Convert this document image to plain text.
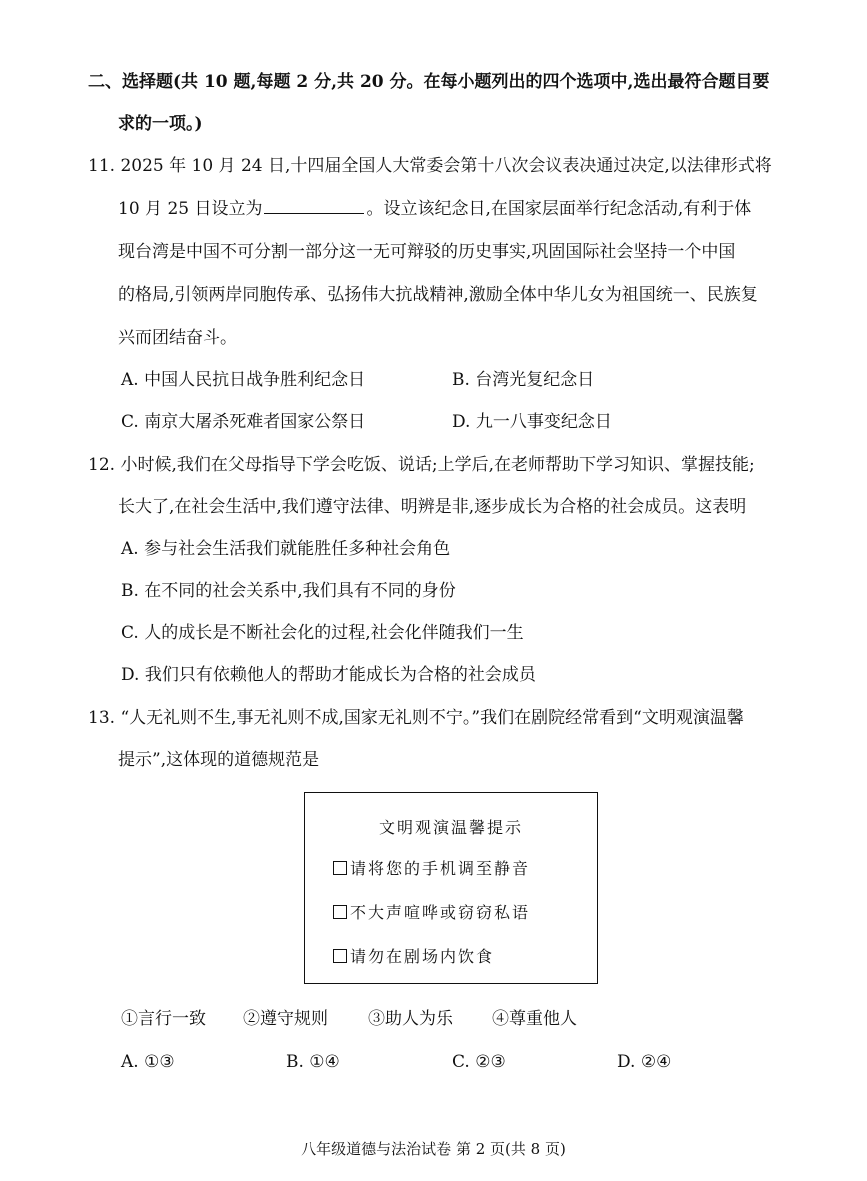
二、选择题(共 10 题,每题 2 分,共 20 分。在每小题列出的四个选项中,选出最符合题目要
求的一项。)
11. 2025 年 10 月 24 日,十四届全国人大常委会第十八次会议表决通过决定,以法律形式将
10 月 25 日设立为	。设立该纪念日,在国家层面举行纪念活动,有利于体
现台湾是中国不可分割一部分这一无可辩驳的历史事实,巩固国际社会坚持一个中国
的格局,引领两岸同胞传承、弘扬伟大抗战精神,激励全体中华儿女为祖国统一、民族复
兴而团结奋斗。
A. 中国人民抗日战争胜利纪念日	B. 台湾光复纪念日
C. 南京大屠杀死难者国家公祭日	D. 九一八事变纪念日
12. 小时候,我们在父母指导下学会吃饭、说话;上学后,在老师帮助下学习知识、掌握技能;
长大了,在社会生活中,我们遵守法律、明辨是非,逐步成长为合格的社会成员。这表明
A. 参与社会生活我们就能胜任多种社会角色
B. 在不同的社会关系中,我们具有不同的身份
C. 人的成长是不断社会化的过程,社会化伴随我们一生
D. 我们只有依赖他人的帮助才能成长为合格的社会成员
13. “人无礼则不生,事无礼则不成,国家无礼则不宁。”我们在剧院经常看到“文明观演温馨
提示”,这体现的道德规范是
文明观演温馨提示
请将您的手机调至静音
不大声喧哗或窃窃私语
请勿在剧场内饮食
①言行一致 ②遵守规则 ③助人为乐 ④尊重他人
A. ①③	B. ①④	C. ②③	D. ②④
八年级道德与法治试卷 第 2 页(共 8 页)
